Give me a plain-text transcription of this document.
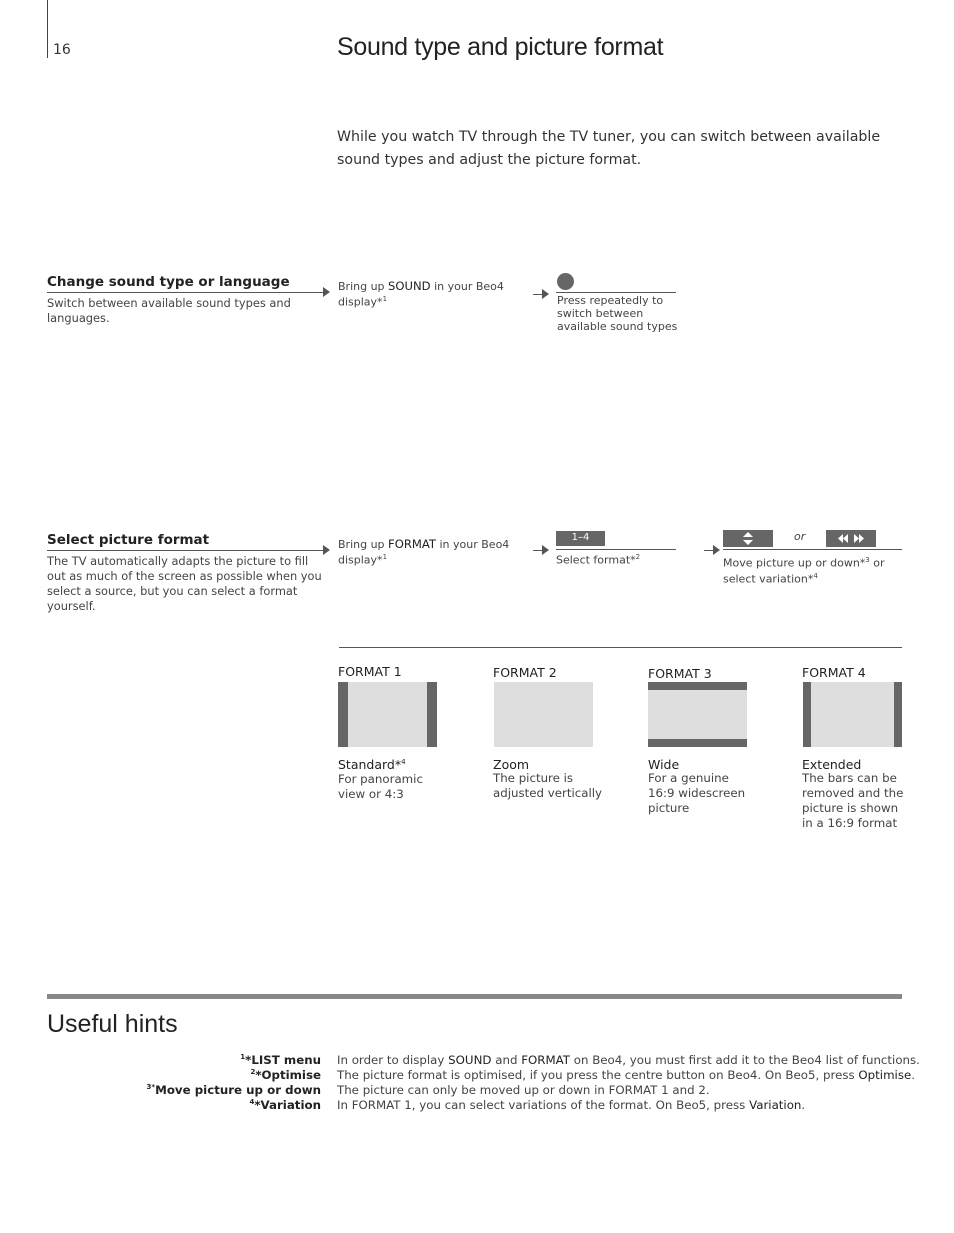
16	Sound type and picture format
While you watch TV through the TV tuner, you can switch between available sound types and adjust the picture format.
Change sound type or language
Switch between available sound types and languages.
Bring up SOUND in your Beo4
display*$^1$	Press repeatedly to switch between available sound types
Select picture format
The TV automatically adapts the picture to fill out as much of the screen as possible when you select a source, but you can select a format yourself.
Bring up FORMAT in your Beo4
display*$^1$
1–4
Select format*$^2$
or
Move picture up or down*$^3$ or
select variation*$^4$
FORMAT 1
Standard*$^4$
For panoramic
view or 4:3
FORMAT 2
Zoom
The picture is
adjusted vertically
FORMAT 3
Wide
For a genuine
16:9 widescreen
picture
FORMAT 4
Extended
The bars can be
removed and the
picture is shown
in a 16:9 format
Useful hints
$^1$*LIST menu
$^2$*Optimise
$^{3*}$Move picture up or down
$^4$*Variation
In order to display SOUND and FORMAT on Beo4, you must first add it to the Beo4 list of functions.
The picture format is optimised, if you press the centre button on Beo4. On Beo5, press Optimise.
The picture can only be moved up or down in FORMAT 1 and 2.
In FORMAT 1, you can select variations of the format. On Beo5, press Variation.
